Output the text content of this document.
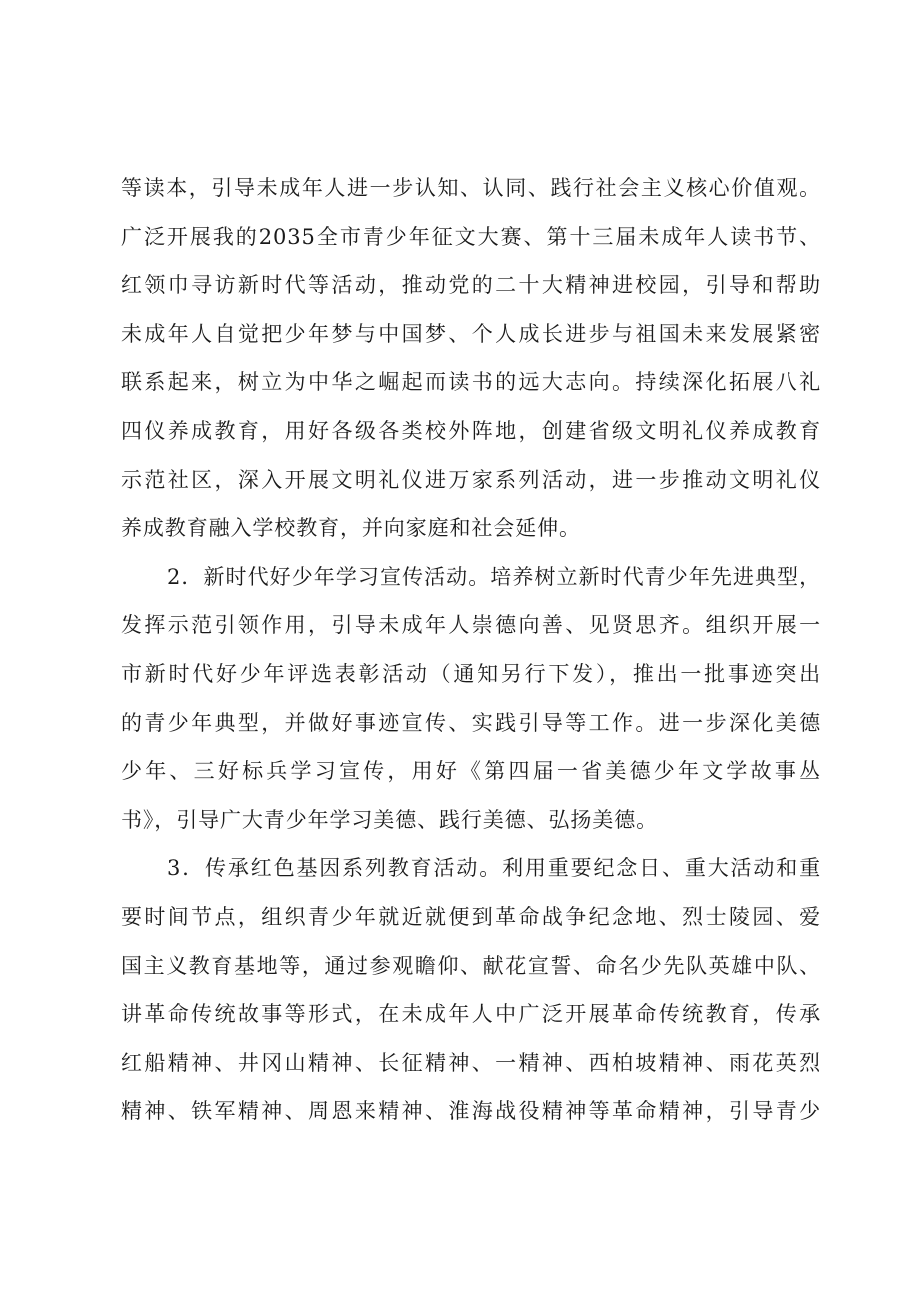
等读本，引导未成年人进一步认知、认同、践行社会主义核心价值观。
广泛开展我的2035全市青少年征文大赛、第十三届未成年人读书节、
红领巾寻访新时代等活动，推动党的二十大精神进校园，引导和帮助
未成年人自觉把少年梦与中国梦、个人成长进步与祖国未来发展紧密
联系起来，树立为中华之崛起而读书的远大志向。持续深化拓展八礼
四仪养成教育，用好各级各类校外阵地，创建省级文明礼仪养成教育
示范社区，深入开展文明礼仪进万家系列活动，进一步推动文明礼仪
养成教育融入学校教育，并向家庭和社会延伸。
2．新时代好少年学习宣传活动。培养树立新时代青少年先进典型，
发挥示范引领作用，引导未成年人崇德向善、见贤思齐。组织开展一
市新时代好少年评选表彰活动（通知另行下发），推出一批事迹突出
的青少年典型，并做好事迹宣传、实践引导等工作。进一步深化美德
少年、三好标兵学习宣传，用好《第四届一省美德少年文学故事丛
书》，引导广大青少年学习美德、践行美德、弘扬美德。
3．传承红色基因系列教育活动。利用重要纪念日、重大活动和重
要时间节点，组织青少年就近就便到革命战争纪念地、烈士陵园、爱
国主义教育基地等，通过参观瞻仰、献花宣誓、命名少先队英雄中队、
讲革命传统故事等形式，在未成年人中广泛开展革命传统教育，传承
红船精神、井冈山精神、长征精神、一精神、西柏坡精神、雨花英烈
精神、铁军精神、周恩来精神、淮海战役精神等革命精神，引导青少
